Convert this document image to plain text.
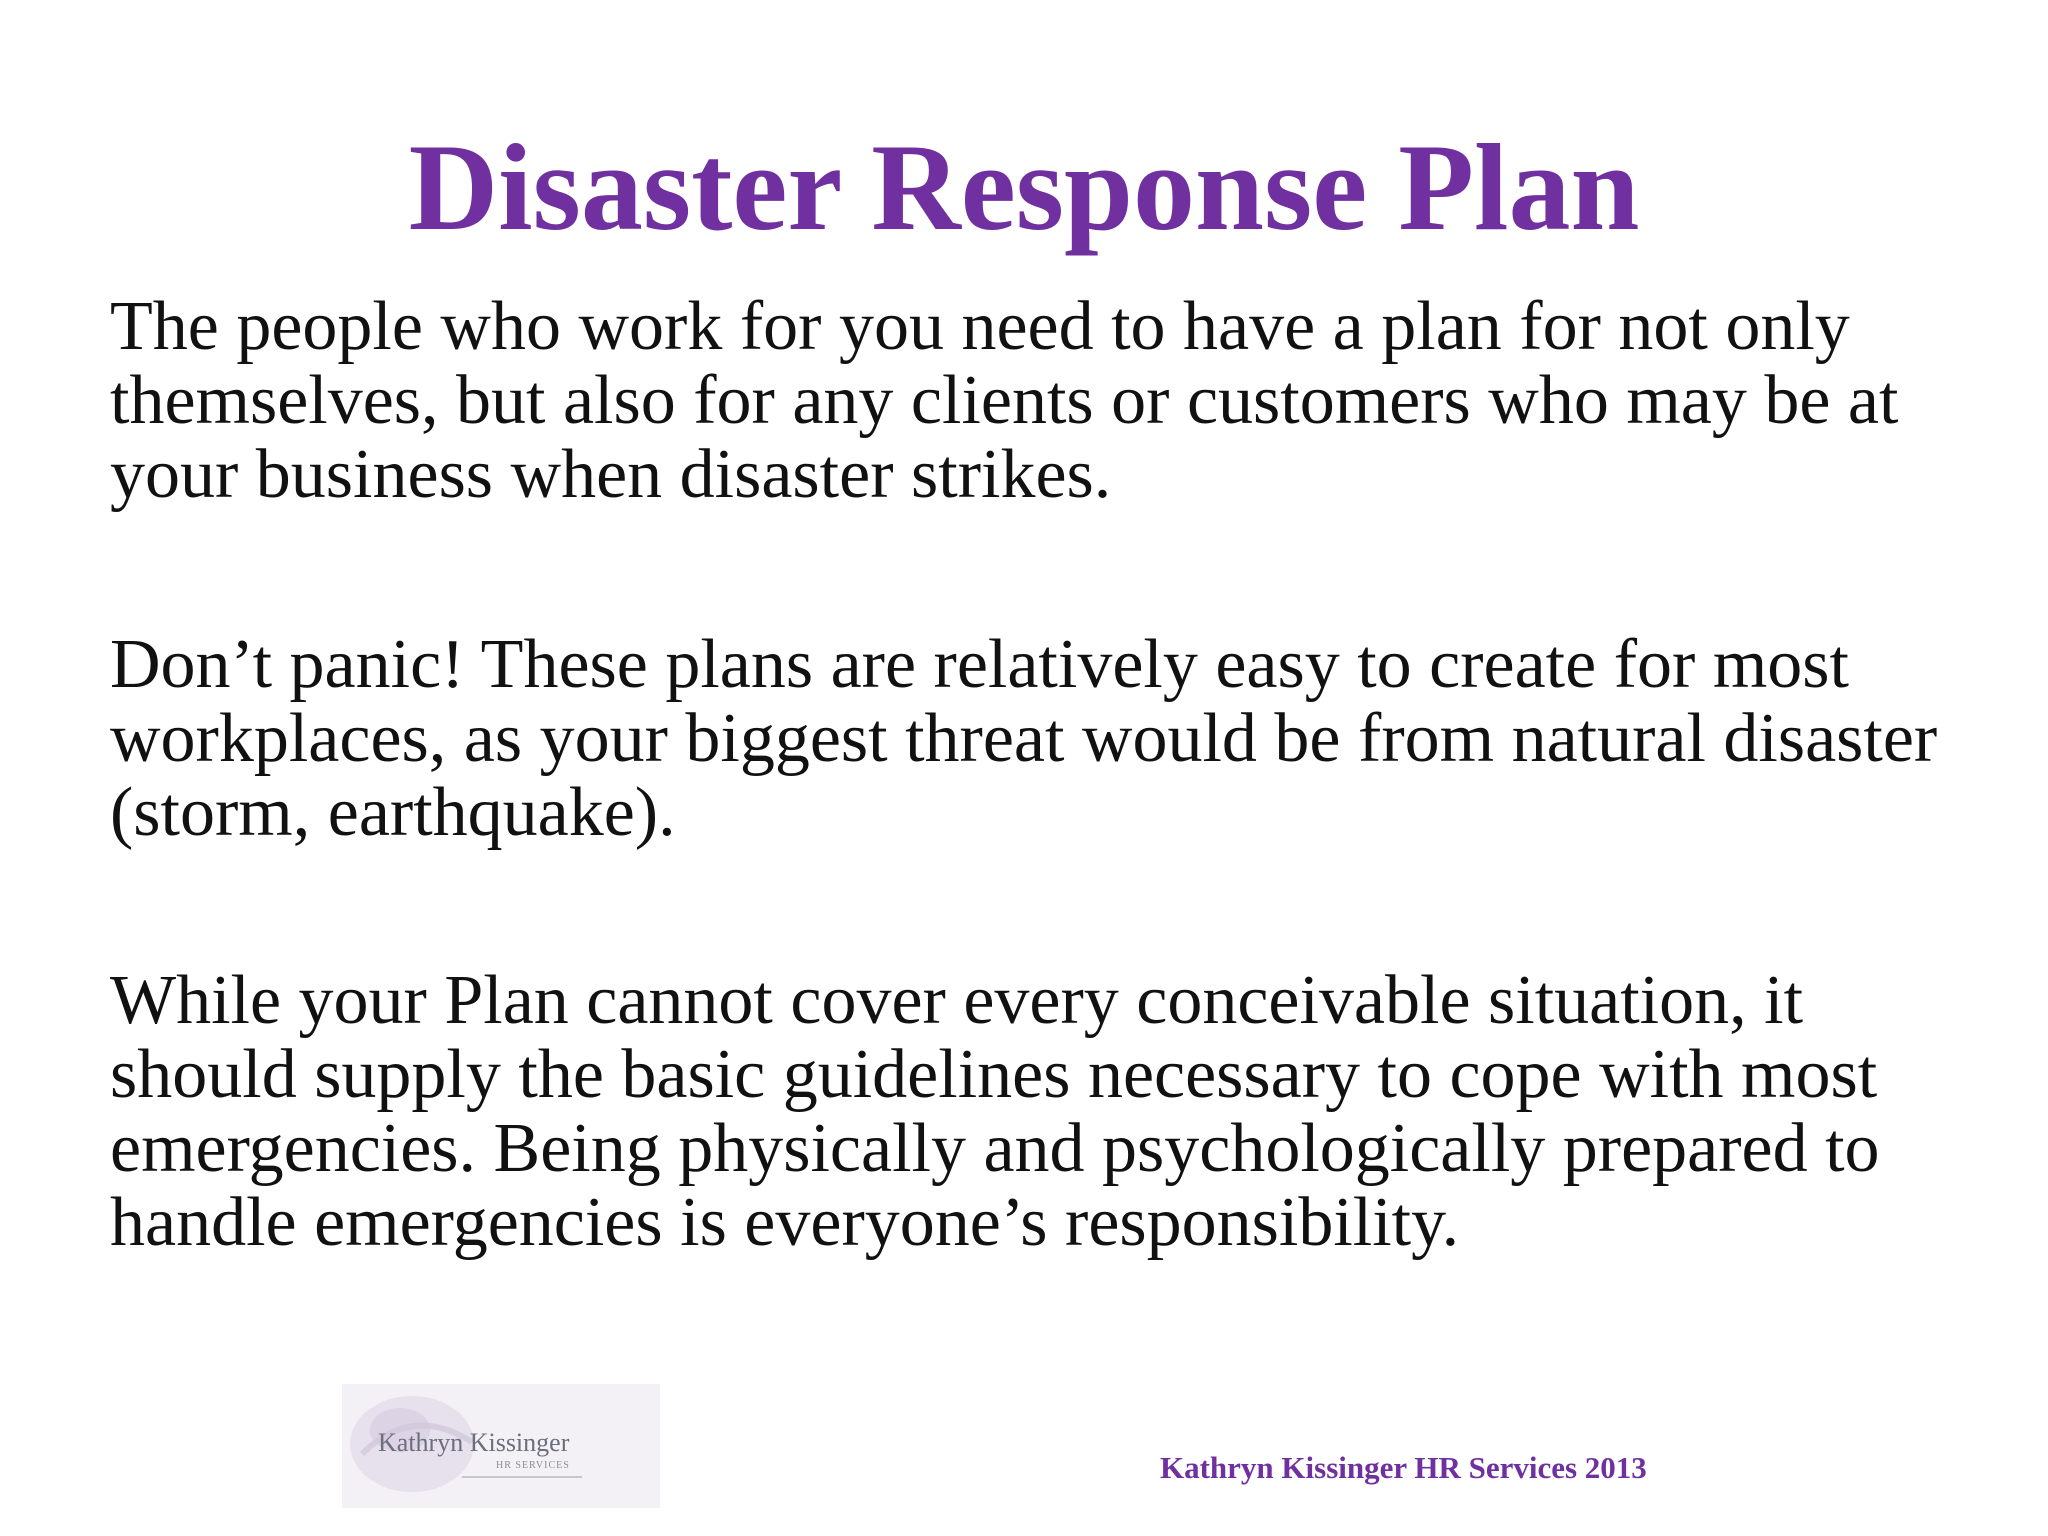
Disaster Response Plan

The people who work for you need to have a plan for not only themselves, but also for any clients or customers who may be at your business when disaster strikes.

Don’t panic! These plans are relatively easy to create for most workplaces, as your biggest threat would be from natural disaster (storm, earthquake).

While your Plan cannot cover every conceivable situation, it should supply the basic guidelines necessary to cope with most emergencies. Being physically and psychologically prepared to handle emergencies is everyone’s responsibility.

Kathryn Kissinger
HR SERVICES	Kathryn Kissinger HR Services 2013
